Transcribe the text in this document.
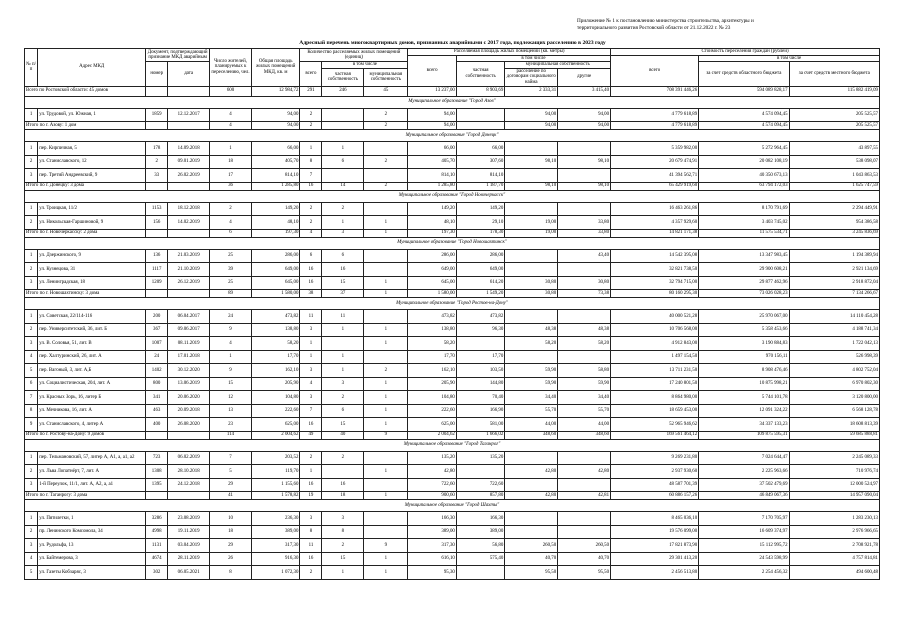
Приложение № 1 к постановлению министерства строительства, архитектуры и территориального развития Ростовской области от 21.12.2022 г. № 23
Адресный перечень многоквартирных домов, признанных аварийными с 2017 года, подлежащих расселению в 2023 году
№ п/п	Адрес МКД	Документ, подтверждающий признание МКД аварийным		Число жителей, планируемых к переселению, чел.	Общая площадь жилых помещений МКД, кв. м	Количество расселяемых жилых помещений (единиц)			Расселяемая площадь жилых помещений (кв. метры)				Стоимость переселения граждан (рублей)		
									всего	в том числе			всего	в том числе	
		номер	дата			всего	в том числе			частная собственность	муниципальная собственность			за счет средств областного бюджета	за счет средств местного бюджета
							частная собственность	муниципальная собственность			расселение по договорам социального найма	другие			
Всего по Ростовской области: 45 домов				600	12 984,72	291	246	45	13 237,00	8 903,69	2 333,31	3 415,40	708 391 446,26	594 089 828,17	115 882 419,09
Муниципальное образование "Город Азов"															
1	ул. Трудовой, ул. Южная, 1	1859	12.12.2017	4	94,00	2		2	94,00		94,00	94,00	4 779 618,89	4 574 094,45	205 525,57
Итого по г. Азову: 1 дом				4	94,00	2		2	94,00		94,00	94,00	4 779 618,89	4 574 094,45	205 525,57
Муниципальное образование "Город Донецк"															
1	пер. Кирпичная, 5	178	14.09.2018	1	66,00	1	1		66,00	66,00			5 359 982,00	5 272 964,45	43 897,55
2	ул. Станиславского, 12	2	09.01.2019	18	405,70	8	6	2	405,70	307,60	98,10	98,10	20 679 474,91	20 082 108,19	538 098,07
3	пер. Третий Андреевский, 9	33	26.02.2019	17	814,10	7			814,10	814,10			41 394 562,71	40 350 673,13	1 043 863,53
Итого по г. Донецку: 3 дома				36	1 285,80	16	14	2	1 285,80	1 187,70	98,10	98,10	65 429 919,60	63 794 172,03	1 625 747,59
Муниципальное образование "Город Новочеркасск"															
1	ул. Троицкая, 11/2	1153	18.12.2018	2	149,20	2	2		149,20	149,20			16 463 261,86	8 170 791,69	2 294 449,91
2	ул. Никольская-Гаршиновой, 9	156	14.02.2019	4	48,10	2	1	1	48,10	29,10	19,00	33,80	4 357 929,60	3 403 745,02	954 386,58
Итого по г. Новочеркасску: 2 дома				6	197,30	4	3	1	197,30	178,30	19,00	33,80	14 821 171,38	11 575 534,71	3 245 836,69
Муниципальное образование "Город Новошахтинск"															
1	ул. Дзержинского, 9	136	21.03.2019	25	286,00	6	6		286,00	286,00		43,40	14 542 395,08	13 347 983,45	1 194 389,94
2	ул. Кузнецова, 31	1117	21.10.2019	39	649,00	16	16		649,00	649,00			32 821 738,50	29 900 608,21	2 921 134,69
3	ул. Ленинградская, 18	1209	26.12.2019	25	645,00	16	15	1	645,00	614,20	30,80	30,80	32 794 715,00	29 877 462,96	2 918 872,04
Итого по г. Новошахтинску: 3 дома				89	1 580,00	38	37	1	1 580,00	1 549,20	30,80	73,38	80 160 295,30	73 026 028,23	7 134 266,67
Муниципальное образование "Город Ростов-на-Дону"															
1	ул. Советская, 22/114-116	200	06.04.2017	24	473,82	11	11		473,82	473,82			40 000 521,28	25 970 067,00	14 110 454,28
2	пер. Университетский, 36, лит. Б	367	09.06.2017	9	138,80	3	1	1	138,80	96,30	48,38	48,38	10 706 568,00	5 358 453,66	4 188 741,34
3	ул. В. Соловья, 51, лит. В	1007	08.11.2019	4	58,20	1		1	58,20		58,20	58,20	4 912 843,00	3 190 884,83	1 722 042,13
4	пер. Халтуринский, 26, лит. А	24	17.01.2018	1	17,70	1	1		17,70	17,70			1 497 154,50	970 156,11	526 998,39
5	пер. Вагоный, 3, лит. А,Б	1402	30.12.2020	9	162,10	3	1	2	162,10	103,50	59,90	58,80	13 711 231,50	8 908 476,46	4 802 752,04
6	ул. Социалистическая, 204, лит. А	800	13.06.2019	15	205,90	4	3	1	205,90	144,80	59,90	59,90	17 240 801,50	10 875 998,21	6 970 802,30
7	ул. Красных Зорь, 16, литер Б	341	20.06.2020	12	104,80	3	2	1	104,80	70,40	34,40	34,40	8 864 980,00	5 744 101,78	3 120 800,00
8	ул. Мечникова, 16, лит. А	463	20.09.2018	13	222,60	7	6	1	222,60	166,90	55,70	55,70	18 659 453,00	12 091 324,22	6 568 128,78
9	ул. Станиславского, 4, литер А	400	26.08.2020	23	625,00	16	15	1	625,00	581,00	44,00	44,00	52 965 946,62	34 337 133,23	18 608 813,39
Итого по г. Ростову-на-Дону: 9 домов				114	2 004,62	49	40	9	2 004,62	1 666,02	348,60	348,60	169 561 464,12	109 875 595,31	59 685 888,81
Муниципальное образование "Город Таганрог"															
1	пер. Тельмановский, 57, литер А, А1, а, а1, а2	723	06.02.2019	7	203,52	2	2		135,20	135,20			9 269 231,80	7 024 644,47	2 245 089,33
2	ул. Льва Лопатнёрт, 7, лит. А	1308	28.10.2018	5	119,70	1		1	42,80		42,80	42,80	2 937 930,60	2 225 963,66	710 976,74
3	1-й Переулок, 11/1, лит. А, А2, а, а1	1395	24.12.2018	29	1 155,60	16	16		722,60	722,60			48 587 701,39	37 502 479,69	12 000 524,97
Итого по г. Таганрогу: 3 дома				41	1 578,82	19	18	1	900,60	857,80	42,80	42,81	60 886 157,26	46 849 067,36	14 957 090,04
Муниципальное образование "Город Шахты"															
1	ул. Пятилетки, 1	3286	23.08.2019	10	236,30	3	3		166,30	166,30			8 465 036,10	7 170 705,97	1 283 230,13
2	пр. Ленинского Комсомола, 34	4998	19.11.2019	18	389,00	8	8		389,00	389,00			19 576 099,00	16 609 374,97	2 976 966,65
3	ул. Рудольфа, 13	1131	03.04.2019	29	317,30	11	2	9	317,30	56,80	260,50	260,50	17 821 873,90	15 112 995,72	2 708 921,78
4	ул. Байтемерова, 3	4674	28.11.2019	26	916,30	16	15	1	616,10	575,40	40,70	40,70	29 301 413,20	24 543 598,99	4 757 814,81
5	ул. Газеты Кобзаряс, 3	302	06.05.2021	8	1 072,30	2	1	1	95,30		95,50	95,50	2 456 513,80	2 254 456,32	494 600,48
